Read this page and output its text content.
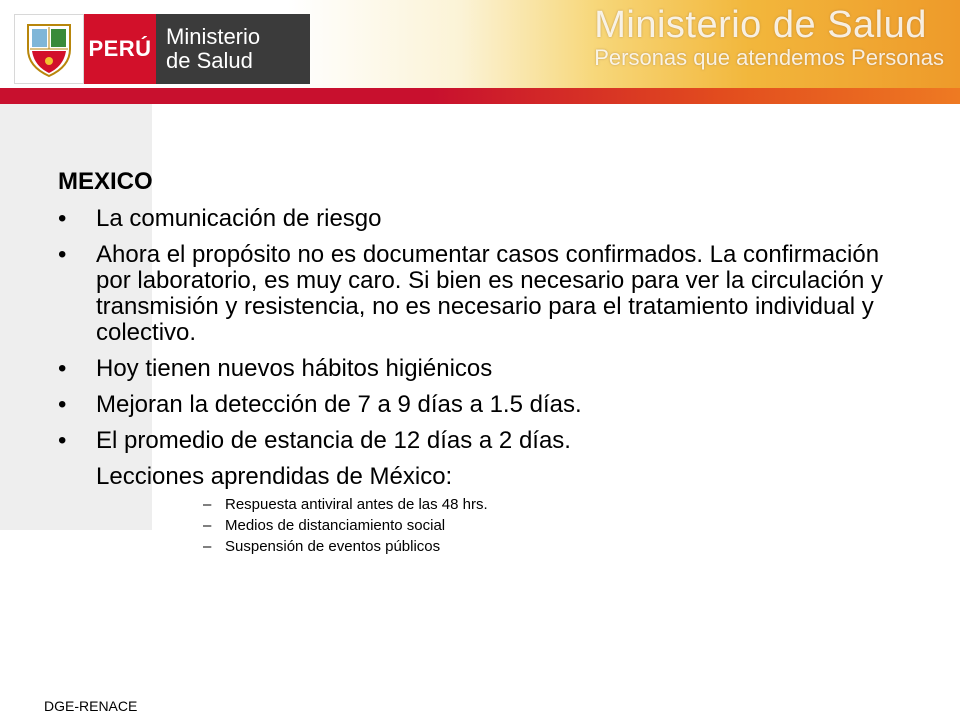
PERÚ Ministerio
de Salud
Ministerio de Salud
Personas que atendemos Personas
MEXICO
• La comunicación de riesgo
• Ahora el propósito no es documentar casos confirmados. La confirmación por laboratorio, es muy caro. Si bien es necesario para ver la circulación y transmisión y resistencia, no es necesario para el tratamiento individual y colectivo.
• Hoy tienen nuevos hábitos higiénicos
• Mejoran la detección de 7 a 9 días a 1.5 días.
• El promedio de estancia de 12 días a 2 días.
Lecciones aprendidas de México:
– Respuesta antiviral antes de las 48 hrs.
– Medios de distanciamiento social
– Suspensión de eventos públicos
DGE-RENACE
